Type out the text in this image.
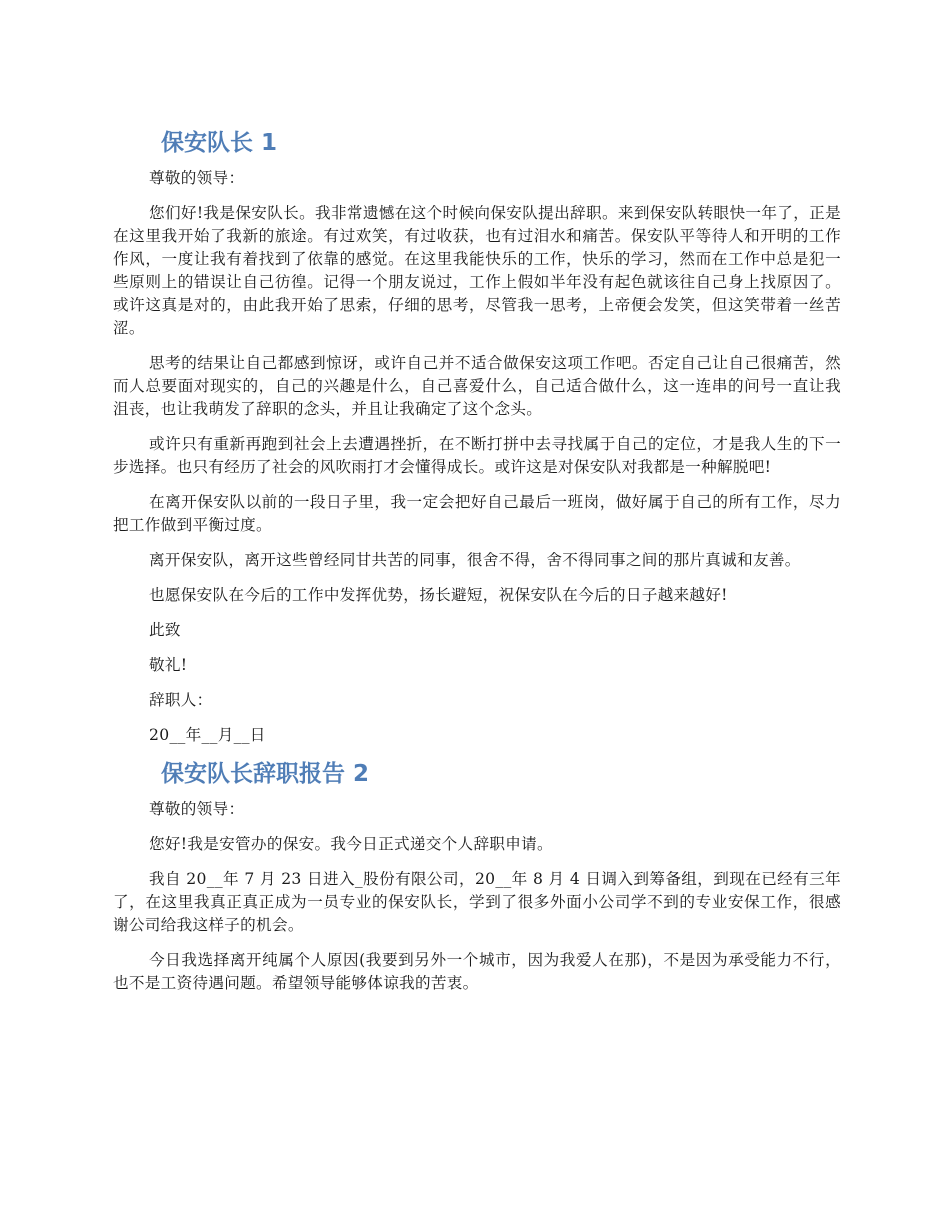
保安队长 1

尊敬的领导：

您们好!我是保安队长。我非常遗憾在这个时候向保安队提出辞职。来到保安队转眼快一年了，正是在这里我开始了我新的旅途。有过欢笑，有过收获，也有过泪水和痛苦。保安队平等待人和开明的工作作风，一度让我有着找到了依靠的感觉。在这里我能快乐的工作，快乐的学习，然而在工作中总是犯一些原则上的错误让自己彷徨。记得一个朋友说过，工作上假如半年没有起色就该往自己身上找原因了。或许这真是对的，由此我开始了思索，仔细的思考，尽管我一思考，上帝便会发笑，但这笑带着一丝苦涩。

思考的结果让自己都感到惊讶，或许自己并不适合做保安这项工作吧。否定自己让自己很痛苦，然而人总要面对现实的，自己的兴趣是什么，自己喜爱什么，自己适合做什么，这一连串的问号一直让我沮丧，也让我萌发了辞职的念头，并且让我确定了这个念头。

或许只有重新再跑到社会上去遭遇挫折，在不断打拼中去寻找属于自己的定位，才是我人生的下一步选择。也只有经历了社会的风吹雨打才会懂得成长。或许这是对保安队对我都是一种解脱吧!

在离开保安队以前的一段日子里，我一定会把好自己最后一班岗，做好属于自己的所有工作，尽力把工作做到平衡过度。

离开保安队，离开这些曾经同甘共苦的同事，很舍不得，舍不得同事之间的那片真诚和友善。

也愿保安队在今后的工作中发挥优势，扬长避短，祝保安队在今后的日子越来越好!

此致

敬礼!

辞职人：

20__年__月__日

保安队长辞职报告 2

尊敬的领导：

您好!我是安管办的保安。我今日正式递交个人辞职申请。

我自 20__年 7 月 23 日进入_股份有限公司，20__年 8 月 4 日调入到筹备组，到现在已经有三年了，在这里我真正真正成为一员专业的保安队长，学到了很多外面小公司学不到的专业安保工作，很感谢公司给我这样子的机会。

今日我选择离开纯属个人原因(我要到另外一个城市，因为我爱人在那)，不是因为承受能力不行，也不是工资待遇问题。希望领导能够体谅我的苦衷。
